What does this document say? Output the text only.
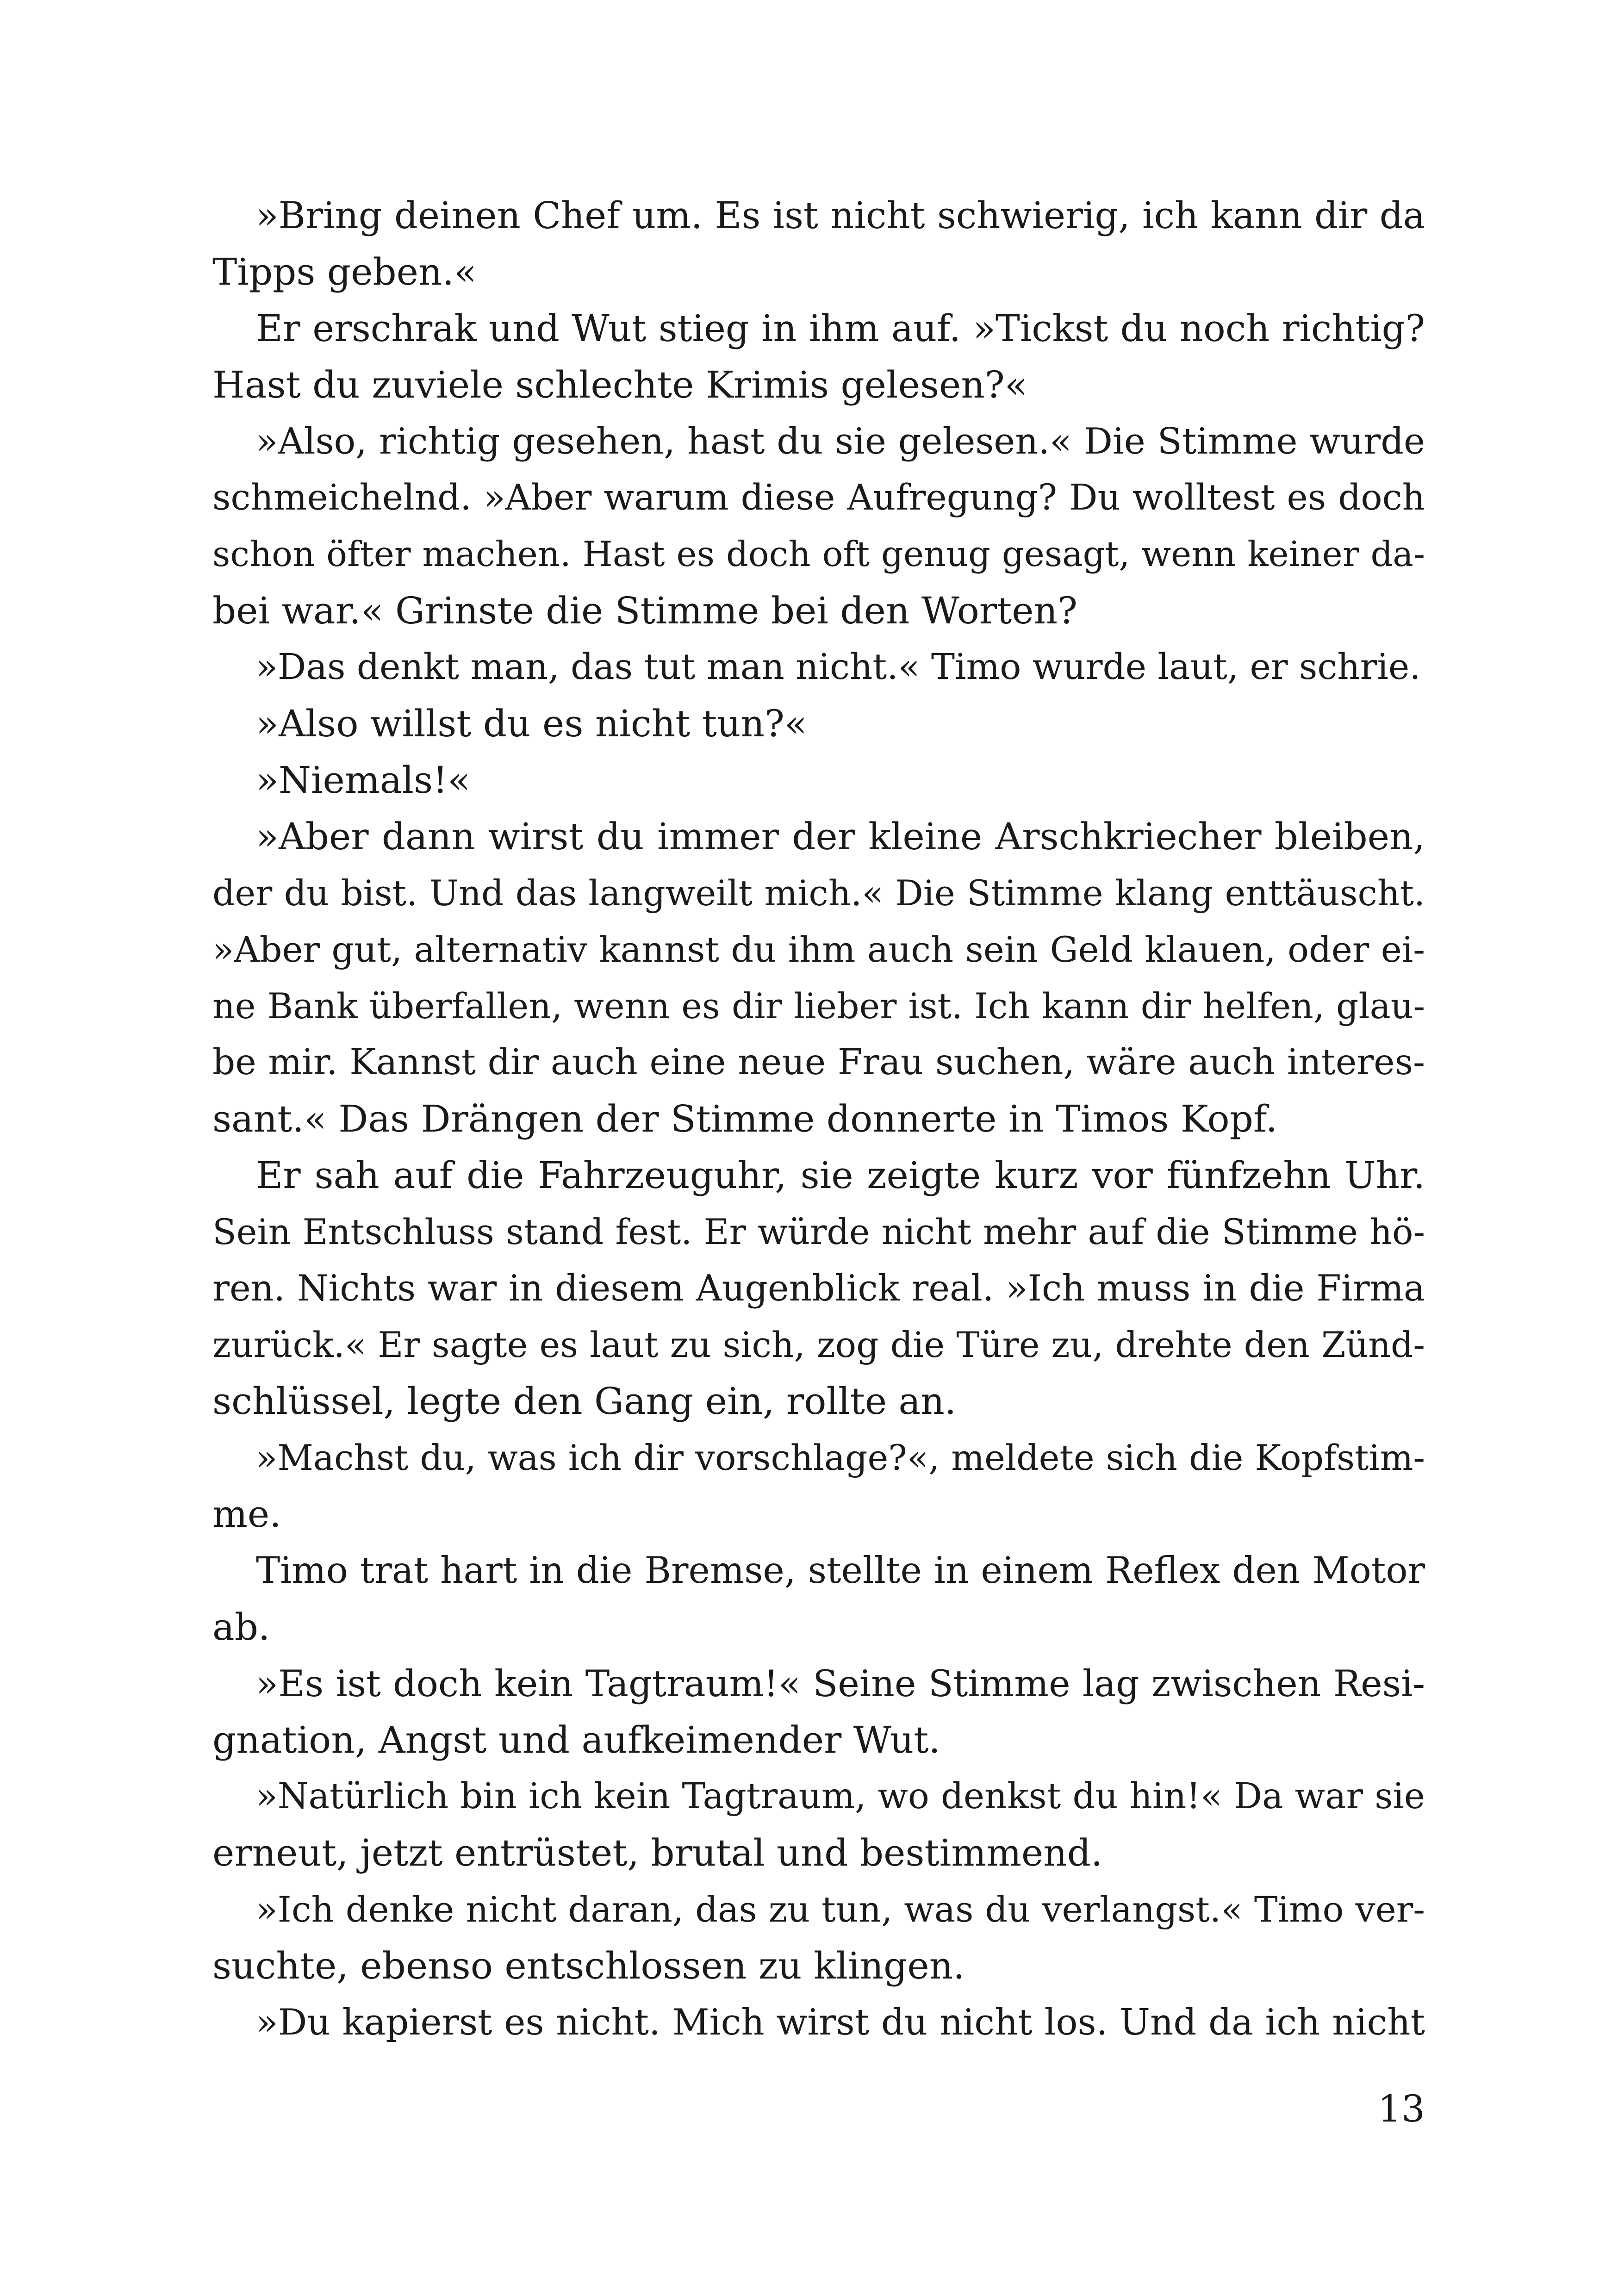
»Bring deinen Chef um. Es ist nicht schwierig, ich kann dir da
Tipps geben.«
Er erschrak und Wut stieg in ihm auf. »Tickst du noch richtig?
Hast du zuviele schlechte Krimis gelesen?«
»Also, richtig gesehen, hast du sie gelesen.« Die Stimme wurde
schmeichelnd. »Aber warum diese Aufregung? Du wolltest es doch
schon öfter machen. Hast es doch oft genug gesagt, wenn keiner da-
bei war.« Grinste die Stimme bei den Worten?
»Das denkt man, das tut man nicht.« Timo wurde laut, er schrie.
»Also willst du es nicht tun?«
»Niemals!«
»Aber dann wirst du immer der kleine Arschkriecher bleiben,
der du bist. Und das langweilt mich.« Die Stimme klang enttäuscht.
»Aber gut, alternativ kannst du ihm auch sein Geld klauen, oder ei-
ne Bank überfallen, wenn es dir lieber ist. Ich kann dir helfen, glau-
be mir. Kannst dir auch eine neue Frau suchen, wäre auch interes-
sant.« Das Drängen der Stimme donnerte in Timos Kopf.
Er sah auf die Fahrzeuguhr, sie zeigte kurz vor fünfzehn Uhr.
Sein Entschluss stand fest. Er würde nicht mehr auf die Stimme hö-
ren. Nichts war in diesem Augenblick real. »Ich muss in die Firma
zurück.« Er sagte es laut zu sich, zog die Türe zu, drehte den Zünd-
schlüssel, legte den Gang ein, rollte an.
»Machst du, was ich dir vorschlage?«, meldete sich die Kopfstim-
me.
Timo trat hart in die Bremse, stellte in einem Reflex den Motor
ab.
»Es ist doch kein Tagtraum!« Seine Stimme lag zwischen Resi-
gnation, Angst und aufkeimender Wut.
»Natürlich bin ich kein Tagtraum, wo denkst du hin!« Da war sie
erneut, jetzt entrüstet, brutal und bestimmend.
»Ich denke nicht daran, das zu tun, was du verlangst.« Timo ver-
suchte, ebenso entschlossen zu klingen.
»Du kapierst es nicht. Mich wirst du nicht los. Und da ich nicht
13
